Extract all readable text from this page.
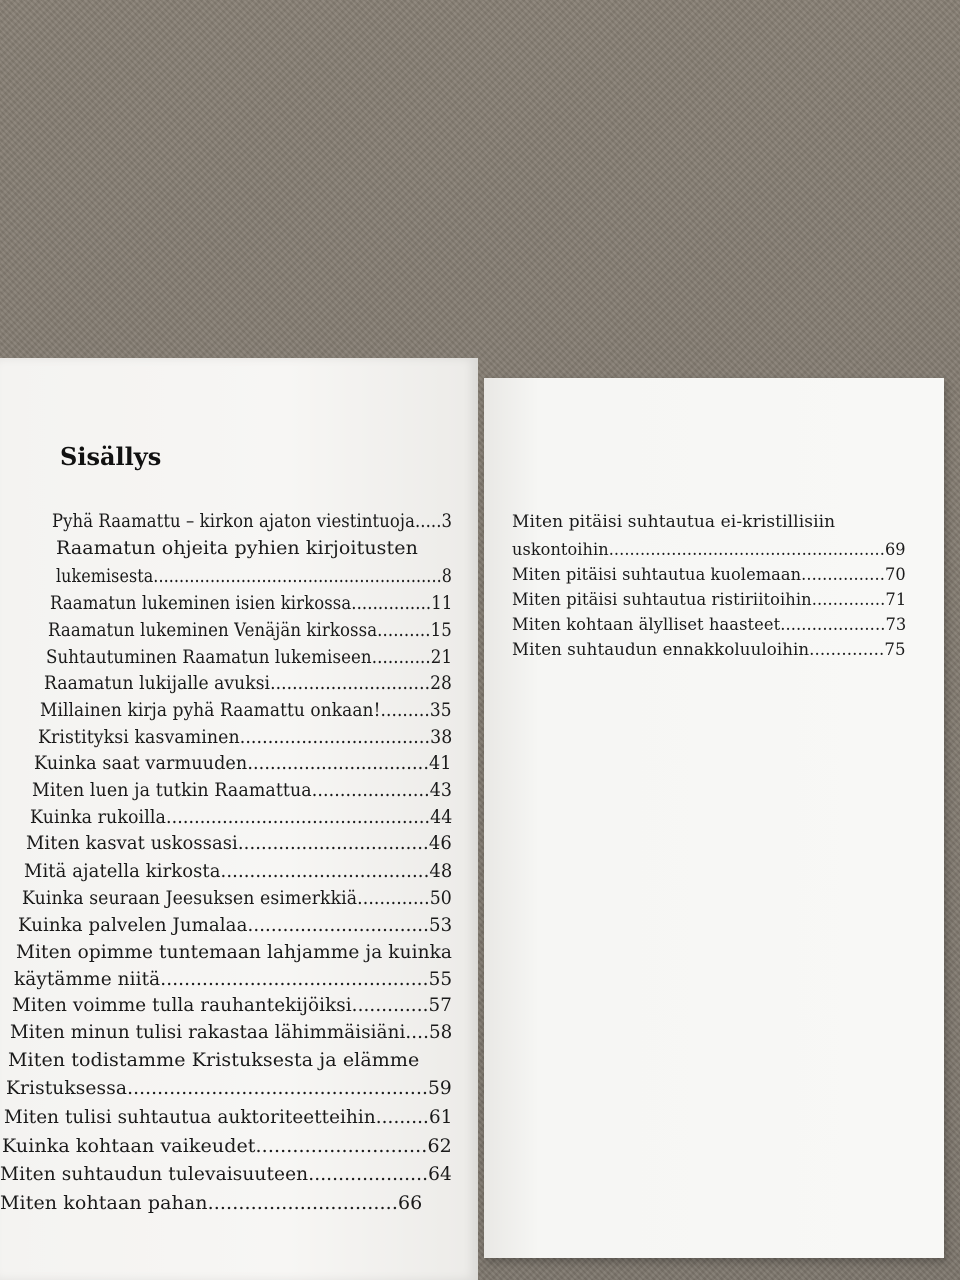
Sisällys
Pyhä Raamattu – kirkon ajaton viestintuoja.....3
Raamatun ohjeita pyhien kirjoitusten
lukemisesta........................................................8
Raamatun lukeminen isien kirkossa...............11
Raamatun lukeminen Venäjän kirkossa..........15
Suhtautuminen Raamatun lukemiseen...........21
Raamatun lukijalle avuksi.............................28
Millainen kirja pyhä Raamattu onkaan!.........35
Kristityksi kasvaminen..................................38
Kuinka saat varmuuden................................41
Miten luen ja tutkin Raamattua.....................43
Kuinka rukoilla...............................................44
Miten kasvat uskossasi.................................46
Mitä ajatella kirkosta....................................48
Kuinka seuraan Jeesuksen esimerkkiä.............50
Kuinka palvelen Jumalaa...............................53
Miten opimme tuntemaan lahjamme ja kuinka
käytämme niitä.............................................55
Miten voimme tulla rauhantekijöiksi.............57
Miten minun tulisi rakastaa lähimmäisiäni....58
Miten todistamme Kristuksesta ja elämme
Kristuksessa..................................................59
Miten tulisi suhtautua auktoriteetteihin.........61
Kuinka kohtaan vaikeudet............................62
Miten suhtaudun tulevaisuuteen....................64
Miten kohtaan pahan...............................66
Miten pitäisi suhtautua ei-kristillisiin
uskontoihin.....................................................69
Miten pitäisi suhtautua kuolemaan................70
Miten pitäisi suhtautua ristiriitoihin..............71
Miten kohtaan älylliset haasteet....................73
Miten suhtaudun ennakkoluuloihin..............75
